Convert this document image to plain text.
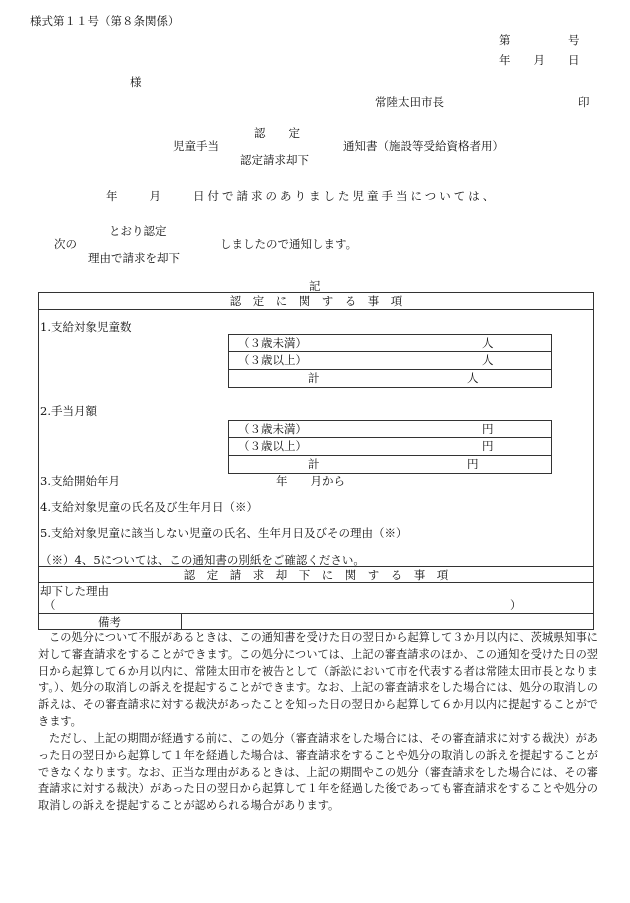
様式第１１号（第８条関係）
第　　　　　号
年　　月　　日
様
常陸太田市長	印
認　　定
児童手当	通知書（施設等受給資格者用）
認定請求却下
年　　月　　日付で請求のありました児童手当については、
とおり認定
次の	しましたので通知します。
理由で請求を却下
記
認　定　に　関　す　る　事　項
1.支給対象児童数
（３歳未満）	人
（３歳以上）	人
計	人
2.手当月額
（３歳未満）	円
（３歳以上）	円
計	円
3.支給開始年月	年　　月から
4.支給対象児童の氏名及び生年月日（※）
5.支給対象児童に該当しない児童の氏名、生年月日及びその理由（※）
（※）4、5については、この通知書の別紙をご確認ください。
認　定　請　求　却　下　に　関　す　る　事　項
却下した理由
（	）
備考

この処分について不服があるときは、この通知書を受けた日の翌日から起算して３か月以内に、茨城県知事に対して審査請求をすることができます。この処分については、上記の審査請求のほか、この通知を受けた日の翌日から起算して６か月以内に、常陸太田市を被告として（訴訟において市を代表する者は常陸太田市長となります。）、処分の取消しの訴えを提起することができます。なお、上記の審査請求をした場合には、処分の取消しの訴えは、その審査請求に対する裁決があったことを知った日の翌日から起算して６か月以内に提起することができます。

ただし、上記の期間が経過する前に、この処分（審査請求をした場合には、その審査請求に対する裁決）があった日の翌日から起算して１年を経過した場合は、審査請求をすることや処分の取消しの訴えを提起することができなくなります。なお、正当な理由があるときは、上記の期間やこの処分（審査請求をした場合には、その審査請求に対する裁決）があった日の翌日から起算して１年を経過した後であっても審査請求をすることや処分の取消しの訴えを提起することが認められる場合があります。
